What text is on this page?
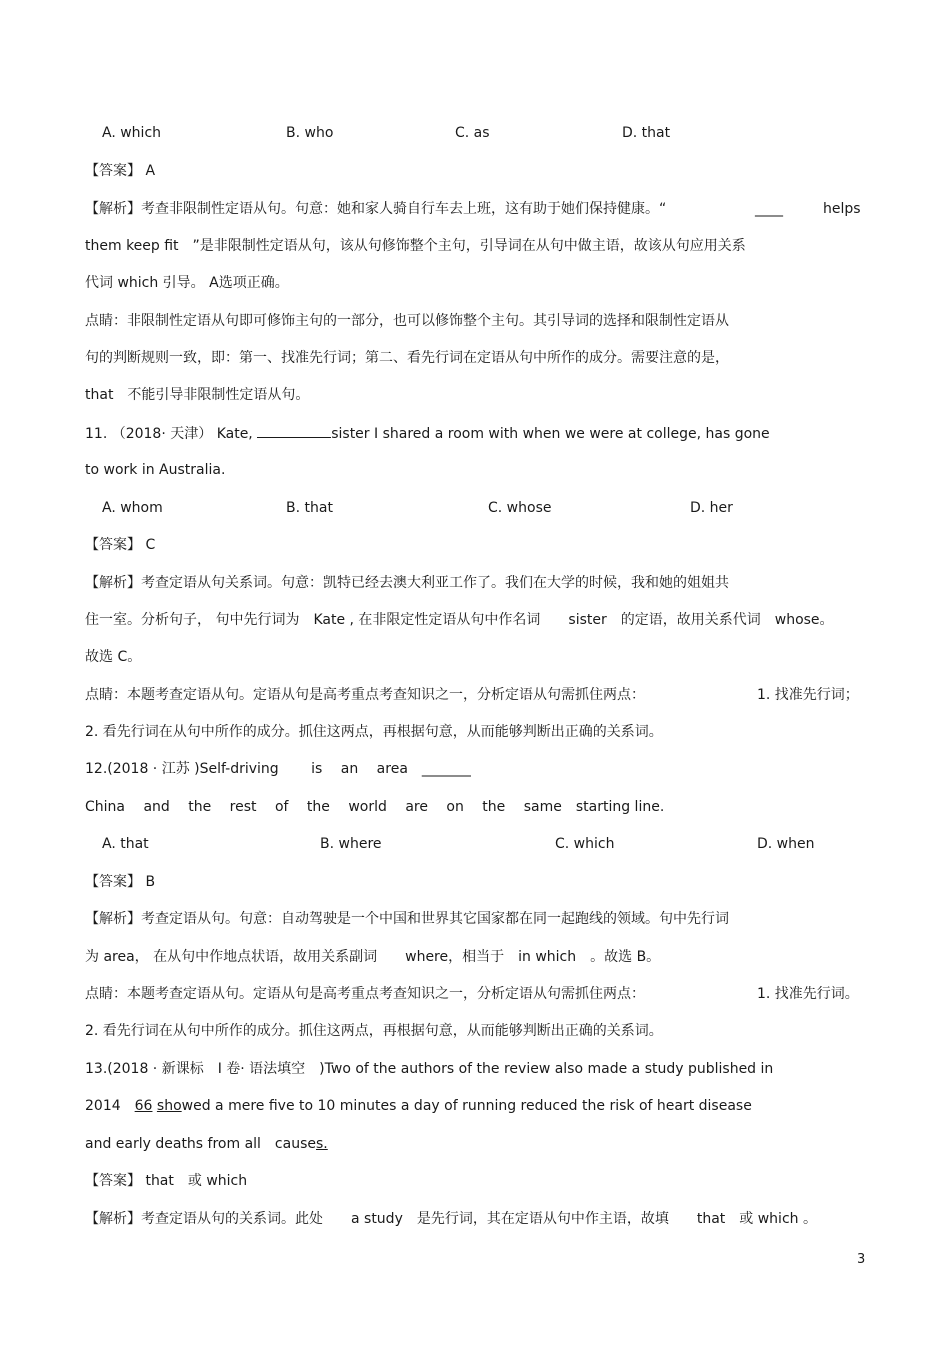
A. which	B. who	C. as	D. that
【答案】 A
【解析】考查非限制性定语从句。句意：她和家人骑自行车去上班，这有助于她们保持健康。“	____	helps
them keep fit　”是非限制性定语从句，该从句修饰整个主句，引导词在从句中做主语，故该从句应用关系
代词 which 引导。 A选项正确。
点睛：非限制性定语从句即可修饰主句的一部分，也可以修饰整个主句。其引导词的选择和限制性定语从
句的判断规则一致，即：第一、找准先行词；第二、看先行词在定语从句中所作的成分。需要注意的是，
that　不能引导非限制性定语从句。
11. （2018· 天津） Kate,	sister I shared a room with when we were at college, has gone
to work in Australia.
A. whom	B. that	C. whose	D. her
【答案】 C
【解析】考查定语从句关系词。句意：凯特已经去澳大利亚工作了。我们在大学的时候，我和她的姐姐共
住一室。分析句子， 句中先行词为　Kate , 在非限定性定语从句中作名词　　sister　的定语，故用关系代词　whose。
故选 C。
点睛：本题考查定语从句。定语从句是高考重点考查知识之一，分析定语从句需抓住两点：	1. 找准先行词；
2. 看先行词在从句中所作的成分。抓住这两点，再根据句意，从而能够判断出正确的关系词。
12.(2018 · 江苏 )Self-driving　　 is　 an　 area　_______
China　 and　 the　 rest　 of　 the　 world　 are　 on　 the　 same　starting line.
A. that	B. where	C. which	D. when
【答案】 B
【解析】考查定语从句。句意：自动驾驶是一个中国和世界其它国家都在同一起跑线的领域。句中先行词
为 area， 在从句中作地点状语，故用关系副词　　where，相当于　in which　。故选 B。
点睛：本题考查定语从句。定语从句是高考重点考查知识之一，分析定语从句需抓住两点：	1. 找准先行词。
2. 看先行词在从句中所作的成分。抓住这两点，再根据句意，从而能够判断出正确的关系词。
13.(2018 · 新课标　I 卷· 语法填空　)Two of the authors of the review also made a study published in
2014　66 showed a mere five to 10 minutes a day of running reduced the risk of heart disease
and early deaths from all　causes.
【答案】 that　或 which
【解析】考查定语从句的关系词。此处　　a study　是先行词，其在定语从句中作主语，故填　　that　或 which 。
3
